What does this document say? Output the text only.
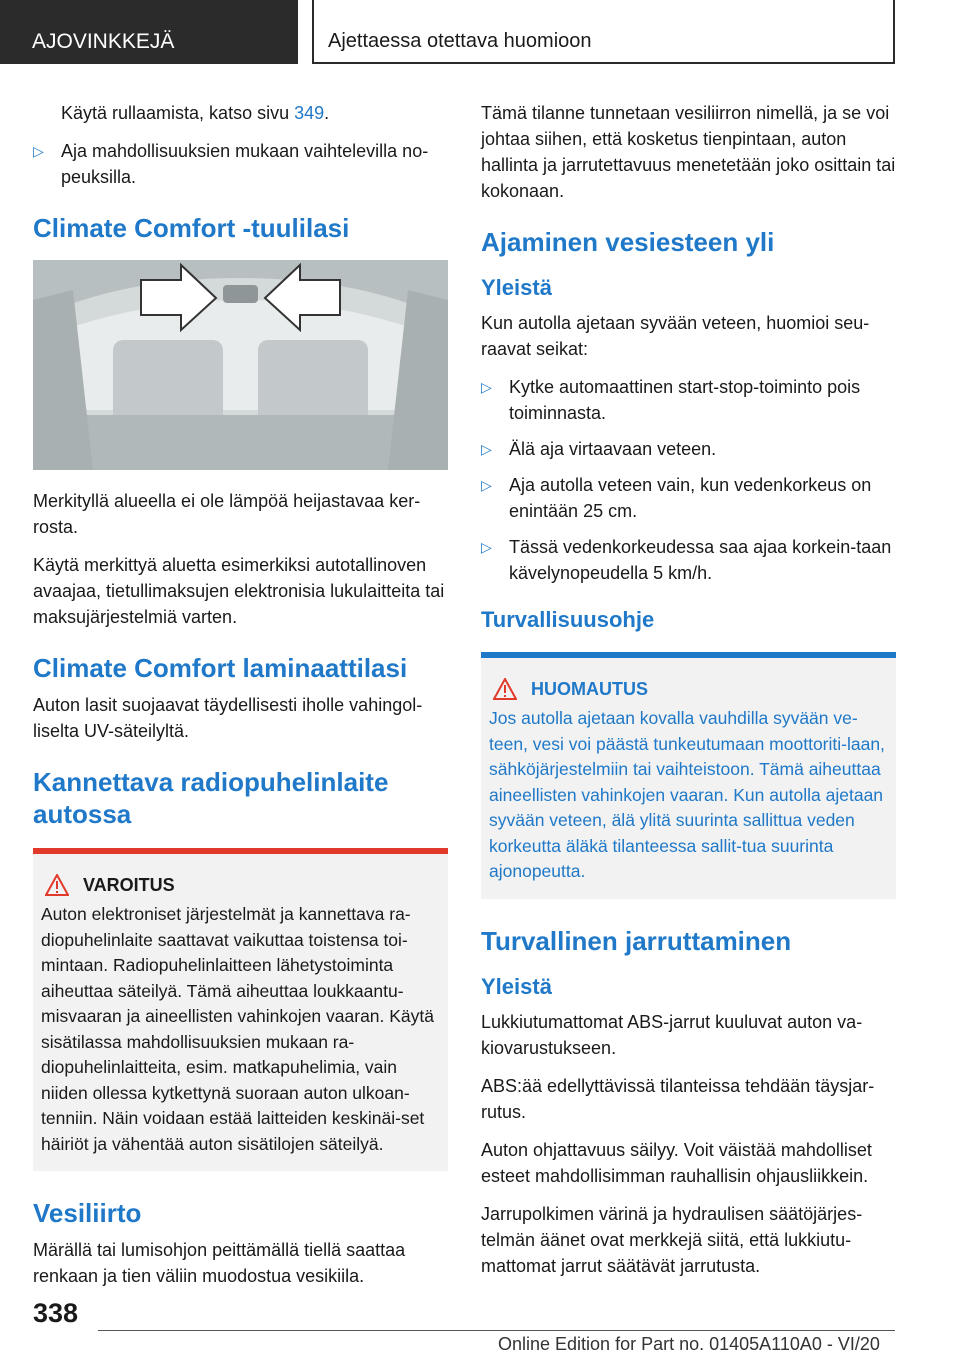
AJOVINKKEJÄ	Ajettaessa otettava huomioon

Käytä rullaamista, katso sivu 349.

▷ Aja mahdollisuuksien mukaan vaihtelevilla no-peuksilla.
Climate Comfort -tuulilasi

Merkityllä alueella ei ole lämpöä heijastavaa ker-rosta.

Käytä merkittyä aluetta esimerkiksi autotallinoven avaajaa, tietullimaksujen elektronisia lukulaitteita tai maksujärjestelmiä varten.

Climate Comfort laminaattilasi

Auton lasit suojaavat täydellisesti iholle vahingol-liselta UV-säteilyltä.

Kannettava radiopuhelinlaite autossa
VAROITUS

Auton elektroniset järjestelmät ja kannettava ra-diopuhelinlaite saattavat vaikuttaa toistensa toi-mintaan. Radiopuhelinlaitteen lähetystoiminta aiheuttaa säteilyä. Tämä aiheuttaa loukkaantu-misvaaran ja aineellisten vahinkojen vaaran. Käytä sisätilassa mahdollisuuksien mukaan ra-diopuhelinlaitteita, esim. matkapuhelimia, vain niiden ollessa kytkettynä suoraan auton ulkoan-tenniin. Näin voidaan estää laitteiden keskinäi-set häiriöt ja vähentää auton sisätilojen säteilyä.

Vesiliirto

Märällä tai lumisohjon peittämällä tiellä saattaa renkaan ja tien väliin muodostua vesikiila.

Tämä tilanne tunnetaan vesiliirron nimellä, ja se voi johtaa siihen, että kosketus tienpintaan, auton hallinta ja jarrutettavuus menetetään joko osittain tai kokonaan.

Ajaminen vesiesteen yli
Yleistä

Kun autolla ajetaan syvään veteen, huomioi seu-raavat seikat:

▷ Kytke automaattinen start-stop-toiminto pois toiminnasta.
▷ Älä aja virtaavaan veteen.
▷ Aja autolla veteen vain, kun vedenkorkeus on enintään 25 cm.
▷ Tässä vedenkorkeudessa saa ajaa korkein-taan kävelynopeudella 5 km/h.
Turvallisuusohje
HUOMAUTUS

Jos autolla ajetaan kovalla vauhdilla syvään ve-teen, vesi voi päästä tunkeutumaan moottoriti-laan, sähköjärjestelmiin tai vaihteistoon. Tämä aiheuttaa aineellisten vahinkojen vaaran. Kun autolla ajetaan syvään veteen, älä ylitä suurinta sallittua veden korkeutta äläkä tilanteessa sallit-tua suurinta ajonopeutta.

Turvallinen jarruttaminen
Yleistä

Lukkiutumattomat ABS-jarrut kuuluvat auton va-kiovarustukseen.

ABS:ää edellyttävissä tilanteissa tehdään täysjar-rutus.

Auton ohjattavuus säilyy. Voit väistää mahdolliset esteet mahdollisimman rauhallisin ohjausliikkein.

Jarrupolkimen värinä ja hydraulisen säätöjärjes-telmän äänet ovat merkkejä siitä, että lukkiutu-mattomat jarrut säätävät jarrutusta.

338
Online Edition for Part no. 01405A110A0 - VI/20
